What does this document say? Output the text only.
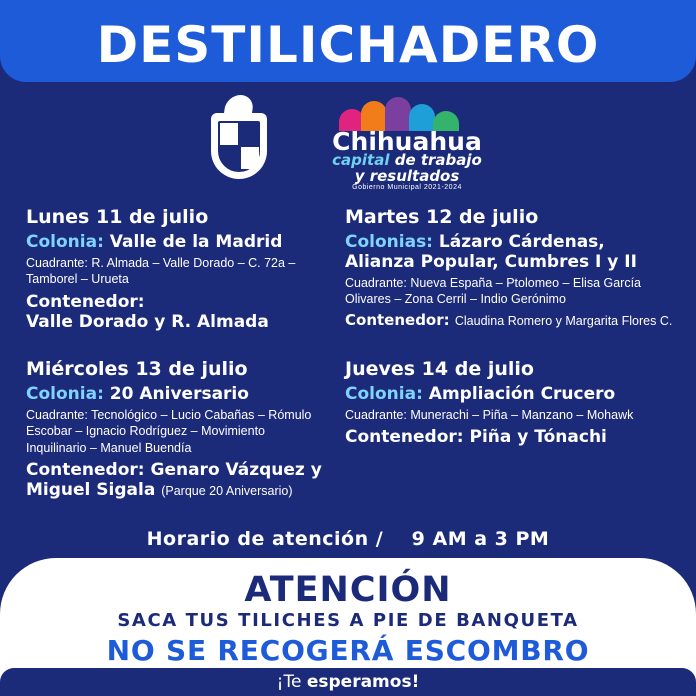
DESTILICHADERO
Chihuahua
capital de trabajo
y resultados
Gobierno Municipal 2021-2024
Lunes 11 de julio
Colonia: Valle de la Madrid
Cuadrante: R. Almada – Valle Dorado – C. 72a – Tamborel – Urueta
Contenedor:
Valle Dorado y R. Almada
Martes 12 de julio
Colonias: Lázaro Cárdenas, Alianza Popular, Cumbres I y II
Cuadrante: Nueva España – Ptolomeo – Elisa García Olivares – Zona Cerril – Indio Gerónimo
Contenedor: Claudina Romero y Margarita Flores C.
Miércoles 13 de julio
Colonia: 20 Aniversario
Cuadrante: Tecnológico – Lucio Cabañas – Rómulo Escobar – Ignacio Rodríguez – Movimiento Inquilinario – Manuel Buendía
Contenedor: Genaro Vázquez y Miguel Sigala (Parque 20 Aniversario)
Jueves 14 de julio
Colonia: Ampliación Crucero
Cuadrante: Munerachi – Piña – Manzano – Mohawk
Contenedor: Piña y Tónachi
Horario de atención / 9 AM a 3 PM
ATENCIÓN
SACA TUS TILICHES A PIE DE BANQUETA
NO SE RECOGERÁ ESCOMBRO
¡Te esperamos!
